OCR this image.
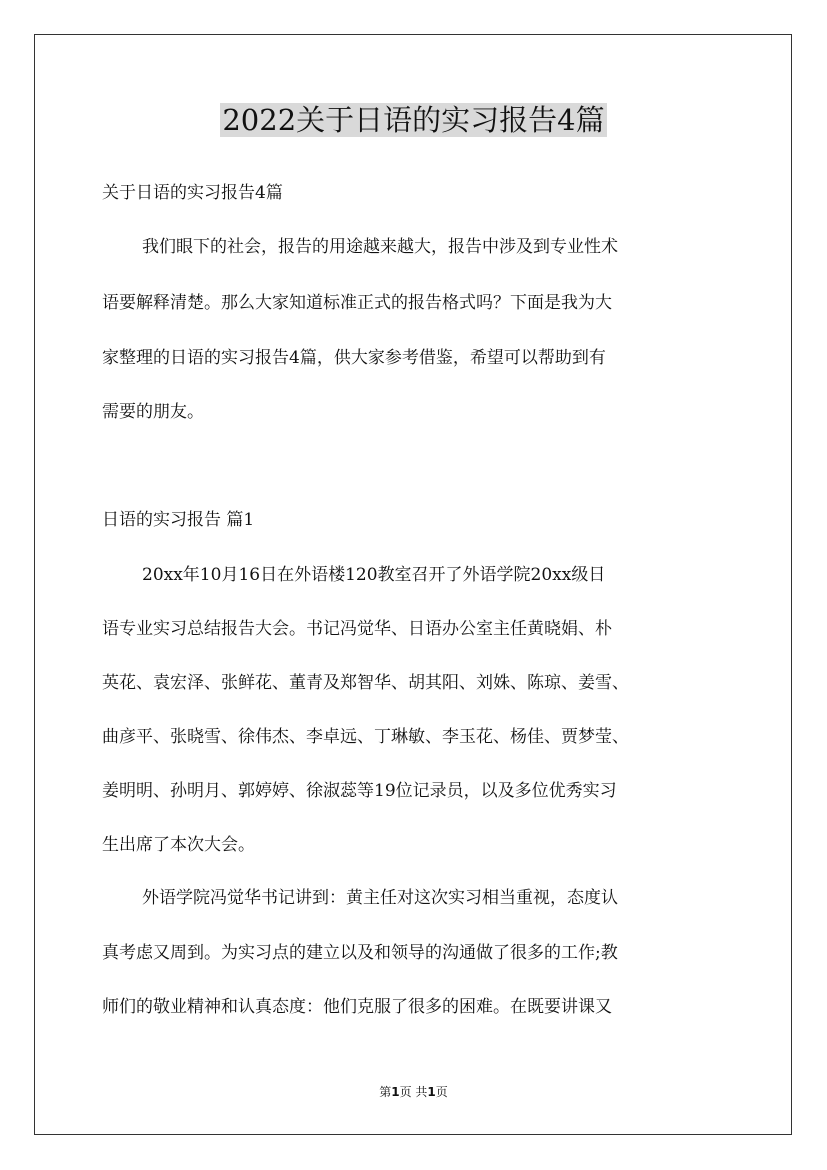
2022关于日语的实习报告4篇
关于日语的实习报告4篇
我们眼下的社会，报告的用途越来越大，报告中涉及到专业性术
语要解释清楚。那么大家知道标准正式的报告格式吗？下面是我为大
家整理的日语的实习报告4篇，供大家参考借鉴，希望可以帮助到有
需要的朋友。
日语的实习报告 篇1
20xx年10月16日在外语楼120教室召开了外语学院20xx级日
语专业实习总结报告大会。书记冯觉华、日语办公室主任黄晓娟、朴
英花、袁宏泽、张鲜花、董青及郑智华、胡其阳、刘姝、陈琼、姜雪、
曲彦平、张晓雪、徐伟杰、李卓远、丁琳敏、李玉花、杨佳、贾梦莹、
姜明明、孙明月、郭婷婷、徐淑蕊等19位记录员，以及多位优秀实习
生出席了本次大会。
外语学院冯觉华书记讲到：黄主任对这次实习相当重视，态度认
真考虑又周到。为实习点的建立以及和领导的沟通做了很多的工作;教
师们的敬业精神和认真态度：他们克服了很多的困难。在既要讲课又
第1页 共1页
